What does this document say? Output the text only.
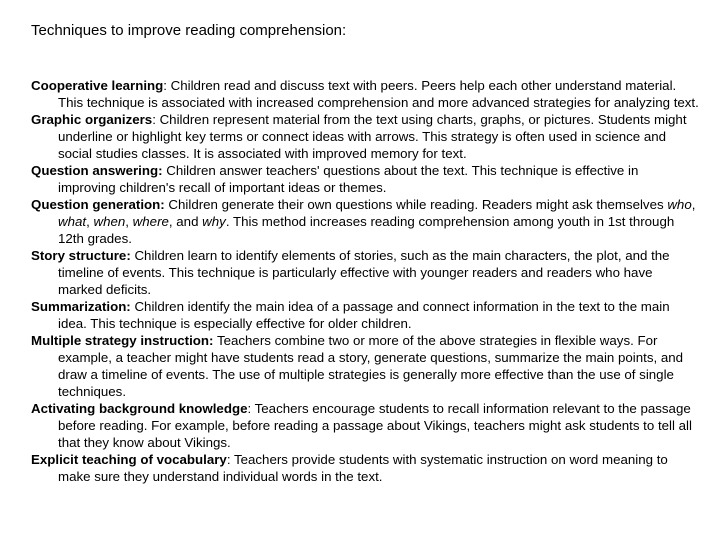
Techniques to improve reading comprehension:
Cooperative learning: Children read and discuss text with peers. Peers help each other understand material. This technique is associated with increased comprehension and more advanced strategies for analyzing text.
Graphic organizers: Children represent material from the text using charts, graphs, or pictures. Students might underline or highlight key terms or connect ideas with arrows. This strategy is often used in science and social studies classes. It is associated with improved memory for text.
Question answering: Children answer teachers' questions about the text. This technique is effective in improving children's recall of important ideas or themes.
Question generation: Children generate their own questions while reading. Readers might ask themselves who, what, when, where, and why. This method increases reading comprehension among youth in 1st through 12th grades.
Story structure: Children learn to identify elements of stories, such as the main characters, the plot, and the timeline of events. This technique is particularly effective with younger readers and readers who have marked deficits.
Summarization: Children identify the main idea of a passage and connect information in the text to the main idea. This technique is especially effective for older children.
Multiple strategy instruction: Teachers combine two or more of the above strategies in flexible ways. For example, a teacher might have students read a story, generate questions, summarize the main points, and draw a timeline of events. The use of multiple strategies is generally more effective than the use of single techniques.
Activating background knowledge: Teachers encourage students to recall information relevant to the passage before reading. For example, before reading a passage about Vikings, teachers might ask students to tell all that they know about Vikings.
Explicit teaching of vocabulary: Teachers provide students with systematic instruction on word meaning to make sure they understand individual words in the text.
